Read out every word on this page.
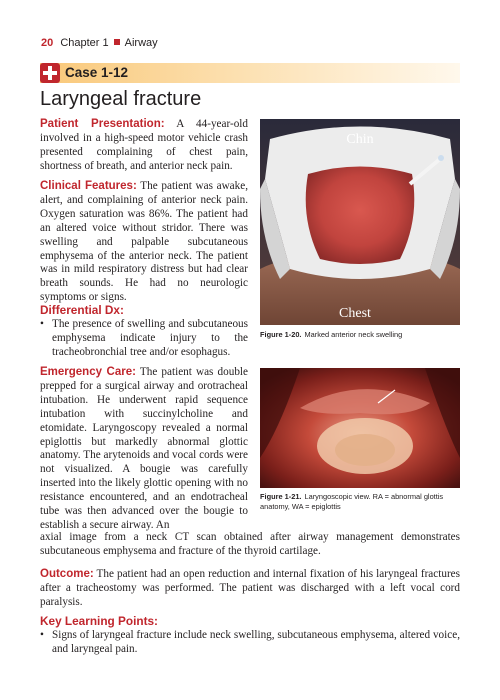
20 Chapter 1 Airway
Case 1-12
Laryngeal fracture

Patient Presentation: A 44-year-old involved in a high-speed motor vehicle crash presented complaining of chest pain, shortness of breath, and anterior neck pain.

Clinical Features: The patient was awake, alert, and complaining of anterior neck pain. Oxygen saturation was 86%. The patient had an altered voice without stridor. There was swelling and palpable subcutaneous emphysema of the anterior neck. The patient was in mild respiratory distress but had clear breath sounds. He had no neurologic symptoms or signs.

Differential Dx:
• The presence of swelling and subcutaneous emphysema indicate injury to the tracheobronchial tree and/or esophagus.

Emergency Care: The patient was double prepped for a surgical airway and orotracheal intubation. He underwent rapid sequence intubation with succinylcholine and etomidate. Laryngoscopy revealed a normal epiglottis but markedly abnormal glottic anatomy. The arytenoids and vocal cords were not visualized. A bougie was carefully inserted into the likely glottic opening with no resistance encountered, and an endotracheal tube was then advanced over the bougie to establish a secure airway. An

axial image from a neck CT scan obtained after airway management demonstrates subcutaneous emphysema and fracture of the thyroid cartilage.

Outcome: The patient had an open reduction and internal fixation of his laryngeal fractures after a tracheostomy was performed. The patient was discharged with a left vocal cord paralysis.

Key Learning Points:
• Signs of laryngeal fracture include neck swelling, subcutaneous emphysema, altered voice, and laryngeal pain.
Chin
Chest
Figure 1-20. Marked anterior neck swelling
Figure 1-21. Laryngoscopic view. RA = abnormal glottis anatomy, WA = epiglottis
